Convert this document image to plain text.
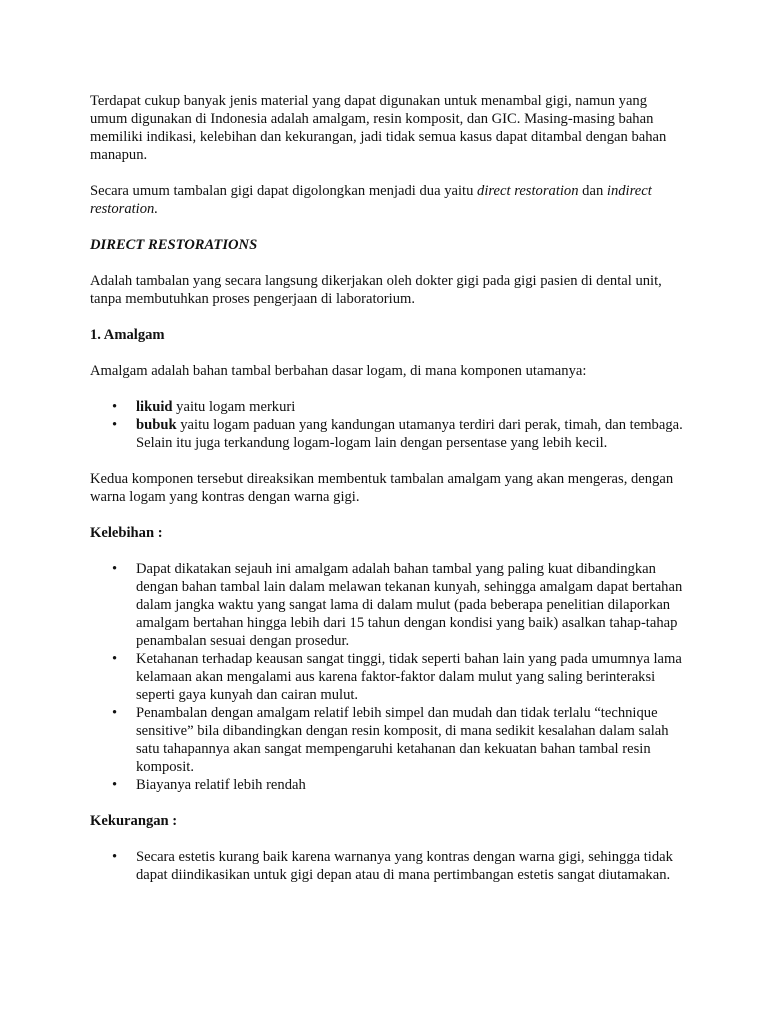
Terdapat cukup banyak jenis material yang dapat digunakan untuk menambal gigi, namun yang umum digunakan di Indonesia adalah amalgam, resin komposit, dan GIC. Masing-masing bahan memiliki indikasi, kelebihan dan kekurangan, jadi tidak semua kasus dapat ditambal dengan bahan manapun.

Secara umum tambalan gigi dapat digolongkan menjadi dua yaitu direct restoration dan indirect restoration.

DIRECT RESTORATIONS

Adalah tambalan yang secara langsung dikerjakan oleh dokter gigi pada gigi pasien di dental unit, tanpa membutuhkan proses pengerjaan di laboratorium.

1. Amalgam

Amalgam adalah bahan tambal berbahan dasar logam, di mana komponen utamanya:

• likuid yaitu logam merkuri
• bubuk yaitu logam paduan yang kandungan utamanya terdiri dari perak, timah, dan tembaga. Selain itu juga terkandung logam-logam lain dengan persentase yang lebih kecil.

Kedua komponen tersebut direaksikan membentuk tambalan amalgam yang akan mengeras, dengan warna logam yang kontras dengan warna gigi.

Kelebihan :

• Dapat dikatakan sejauh ini amalgam adalah bahan tambal yang paling kuat dibandingkan dengan bahan tambal lain dalam melawan tekanan kunyah, sehingga amalgam dapat bertahan dalam jangka waktu yang sangat lama di dalam mulut (pada beberapa penelitian dilaporkan amalgam bertahan hingga lebih dari 15 tahun dengan kondisi yang baik) asalkan tahap-tahap penambalan sesuai dengan prosedur.
• Ketahanan terhadap keausan sangat tinggi, tidak seperti bahan lain yang pada umumnya lama kelamaan akan mengalami aus karena faktor-faktor dalam mulut yang saling berinteraksi seperti gaya kunyah dan cairan mulut.
• Penambalan dengan amalgam relatif lebih simpel dan mudah dan tidak terlalu “technique sensitive” bila dibandingkan dengan resin komposit, di mana sedikit kesalahan dalam salah satu tahapannya akan sangat mempengaruhi ketahanan dan kekuatan bahan tambal resin komposit.
• Biayanya relatif lebih rendah

Kekurangan :

• Secara estetis kurang baik karena warnanya yang kontras dengan warna gigi, sehingga tidak dapat diindikasikan untuk gigi depan atau di mana pertimbangan estetis sangat diutamakan.
